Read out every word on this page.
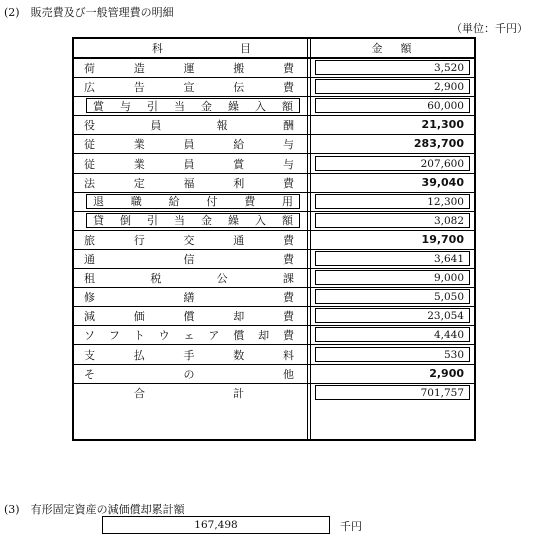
(2)　販売費及び一般管理費の明細
（単位：千円）
科	目	金 額
荷	造	運	搬	費	3,520
広	告	宣	伝	費	2,900
賞 与 引 当 金 繰 入 額	60,000
役	員	報	酬	21,300
従	業	員	給	与	283,700
従	業	員	賞	与	207,600
法	定	福	利	費	39,040
退 職 給 付 費 用	12,300
貸 倒 引 当 金 繰 入 額	3,082
旅	行	交	通	費	19,700
通	信	費	3,641
租	税	公	課	9,000
修	繕	費	5,050
減	価	償	却	費	23,054
ソ フ ト ウ ェ ア 償 却 費	4,440
支	払	手	数	料	530
そ	の	他	2,900
合	計	701,757
(3)　有形固定資産の減価償却累計額
167,498	千円
